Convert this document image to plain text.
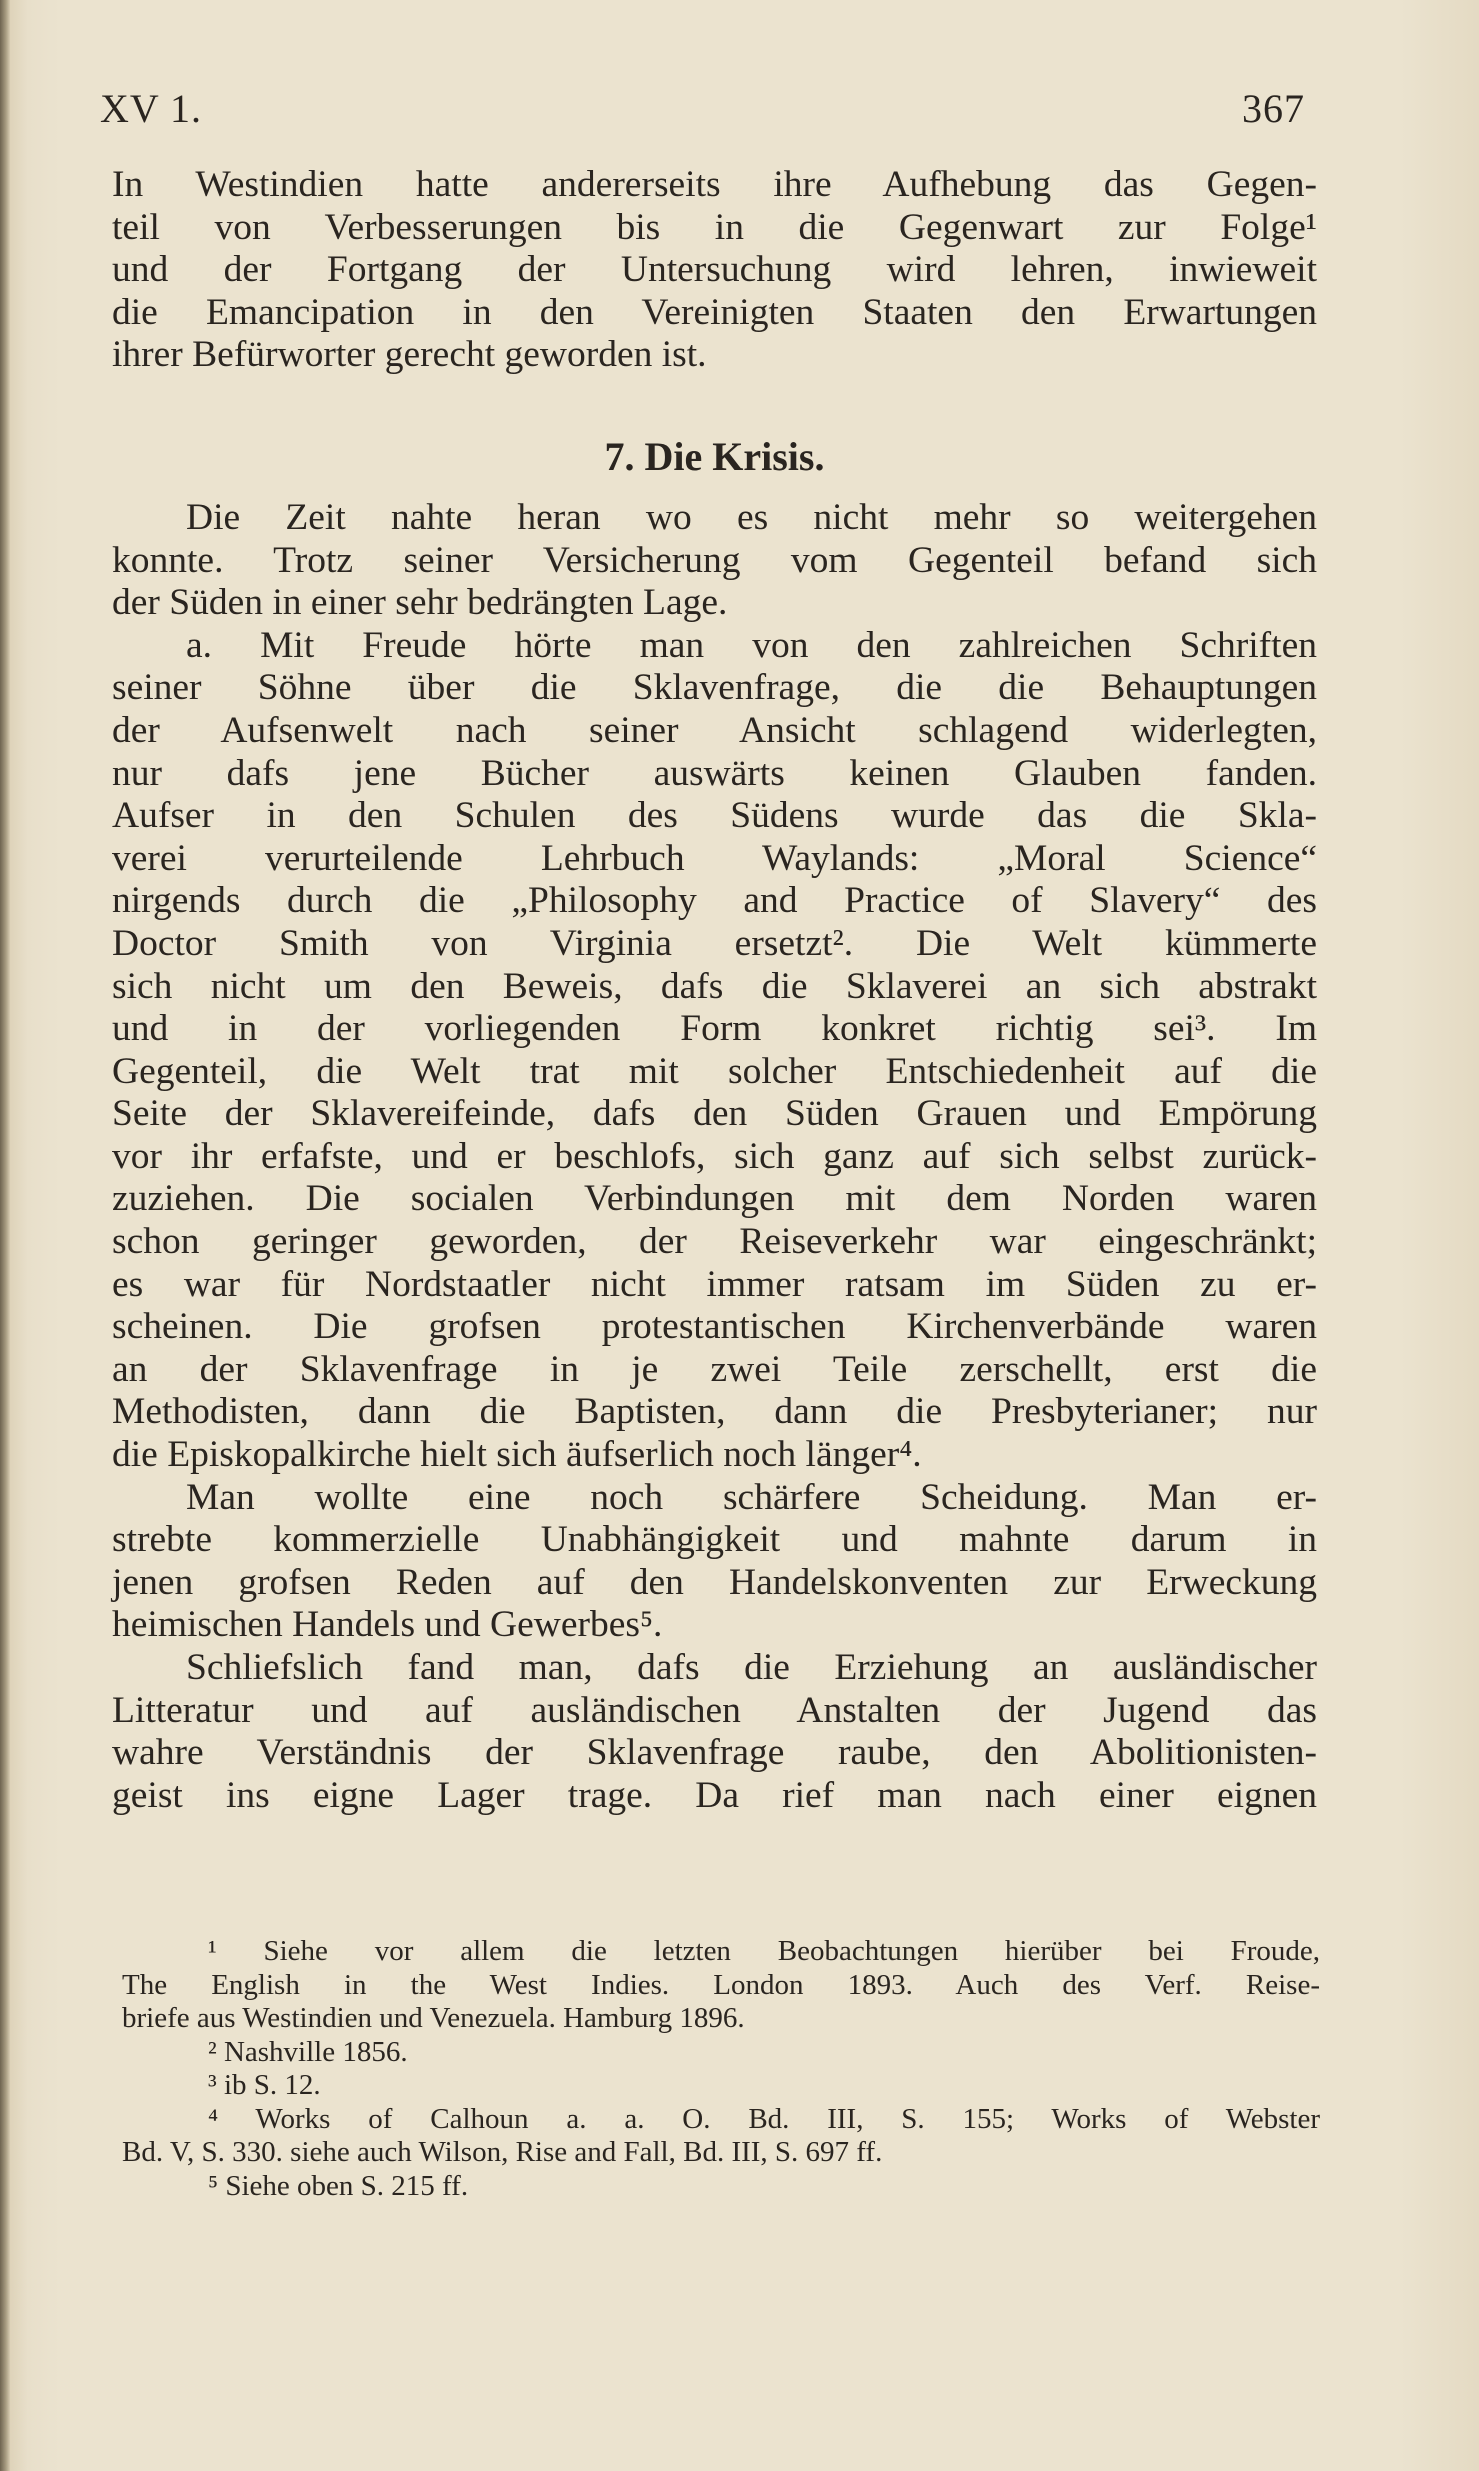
XV 1.	367

In Westindien hatte andererseits ihre Aufhebung das Gegen-

teil von Verbesserungen bis in die Gegenwart zur Folge¹

und der Fortgang der Untersuchung wird lehren, inwieweit

die Emancipation in den Vereinigten Staaten den Erwartungen

ihrer Befürworter gerecht geworden ist.

7. Die Krisis.

Die Zeit nahte heran wo es nicht mehr so weitergehen

konnte. Trotz seiner Versicherung vom Gegenteil befand sich

der Süden in einer sehr bedrängten Lage.

a. Mit Freude hörte man von den zahlreichen Schriften

seiner Söhne über die Sklavenfrage, die die Behauptungen

der Aufsenwelt nach seiner Ansicht schlagend widerlegten,

nur dafs jene Bücher auswärts keinen Glauben fanden.

Aufser in den Schulen des Südens wurde das die Skla-

verei verurteilende Lehrbuch Waylands: „Moral Science“

nirgends durch die „Philosophy and Practice of Slavery“ des

Doctor Smith von Virginia ersetzt². Die Welt kümmerte

sich nicht um den Beweis, dafs die Sklaverei an sich abstrakt

und in der vorliegenden Form konkret richtig sei³. Im

Gegenteil, die Welt trat mit solcher Entschiedenheit auf die

Seite der Sklavereifeinde, dafs den Süden Grauen und Empörung

vor ihr erfafste, und er beschlofs, sich ganz auf sich selbst zurück-

zuziehen. Die socialen Verbindungen mit dem Norden waren

schon geringer geworden, der Reiseverkehr war eingeschränkt;

es war für Nordstaatler nicht immer ratsam im Süden zu er-

scheinen. Die grofsen protestantischen Kirchenverbände waren

an der Sklavenfrage in je zwei Teile zerschellt, erst die

Methodisten, dann die Baptisten, dann die Presbyterianer; nur

die Episkopalkirche hielt sich äufserlich noch länger⁴.

Man wollte eine noch schärfere Scheidung. Man er-

strebte kommerzielle Unabhängigkeit und mahnte darum in

jenen grofsen Reden auf den Handelskonventen zur Erweckung

heimischen Handels und Gewerbes⁵.

Schliefslich fand man, dafs die Erziehung an ausländischer

Litteratur und auf ausländischen Anstalten der Jugend das

wahre Verständnis der Sklavenfrage raube, den Abolitionisten-

geist ins eigne Lager trage. Da rief man nach einer eignen

¹ Siehe vor allem die letzten Beobachtungen hierüber bei Froude,

The English in the West Indies. London 1893. Auch des Verf. Reise-

briefe aus Westindien und Venezuela. Hamburg 1896.

² Nashville 1856.

³ ib S. 12.

⁴ Works of Calhoun a. a. O. Bd. III, S. 155; Works of Webster

Bd. V, S. 330. siehe auch Wilson, Rise and Fall, Bd. III, S. 697 ff.

⁵ Siehe oben S. 215 ff.
